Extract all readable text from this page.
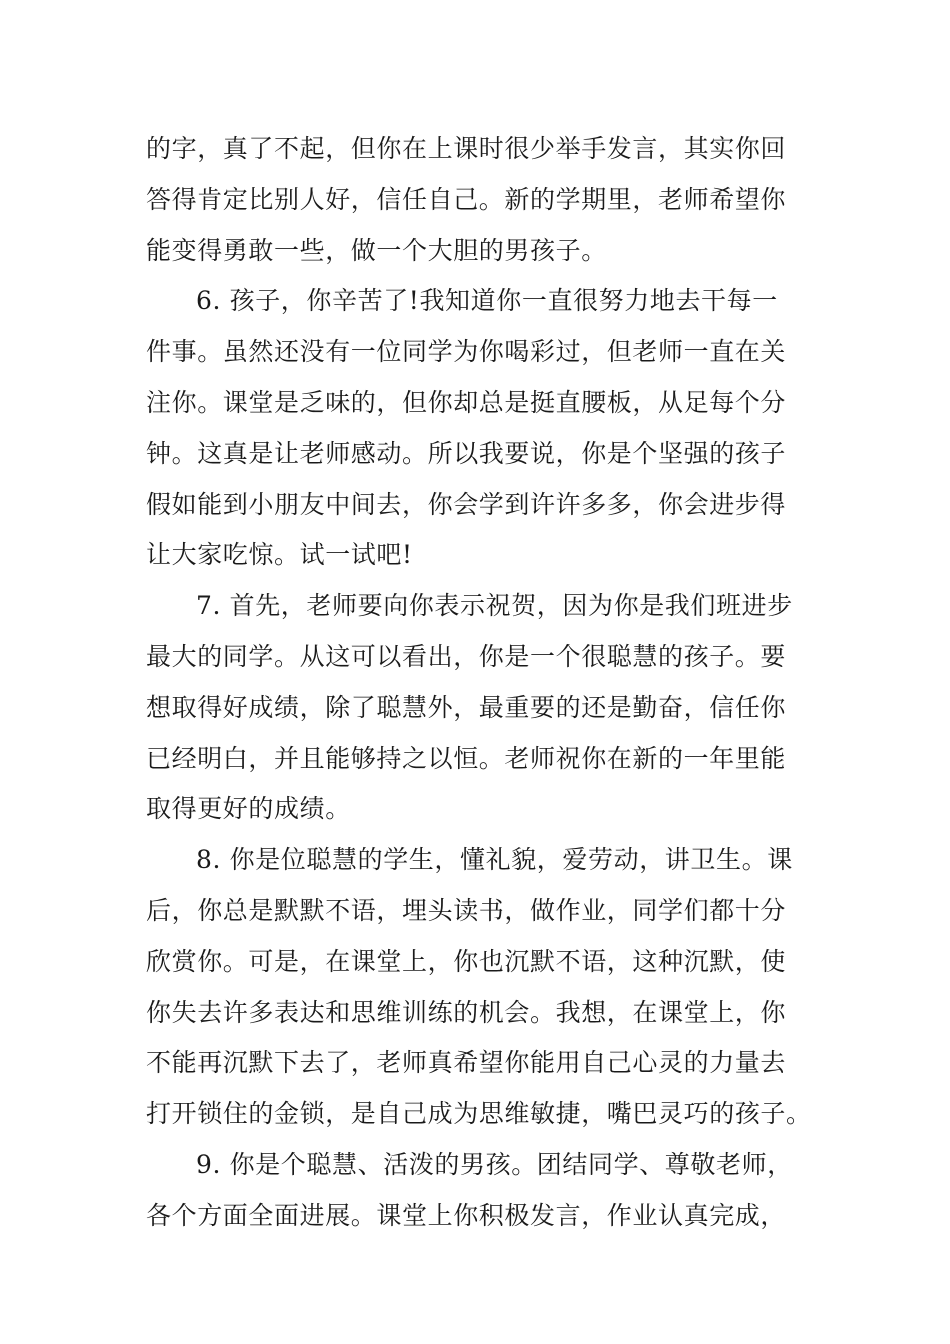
的字，真了不起，但你在上课时很少举手发言，其实你回
答得肯定比别人好，信任自己。新的学期里，老师希望你
能变得勇敢一些，做一个大胆的男孩子。
6. 孩子，你辛苦了!我知道你一直很努力地去干每一
件事。虽然还没有一位同学为你喝彩过，但老师一直在关
注你。课堂是乏味的，但你却总是挺直腰板，从足每个分
钟。这真是让老师感动。所以我要说，你是个坚强的孩子
假如能到小朋友中间去，你会学到许许多多，你会进步得
让大家吃惊。试一试吧!
7. 首先，老师要向你表示祝贺，因为你是我们班进步
最大的同学。从这可以看出，你是一个很聪慧的孩子。要
想取得好成绩，除了聪慧外，最重要的还是勤奋，信任你
已经明白，并且能够持之以恒。老师祝你在新的一年里能
取得更好的成绩。
8. 你是位聪慧的学生，懂礼貌，爱劳动，讲卫生。课
后，你总是默默不语，埋头读书，做作业，同学们都十分
欣赏你。可是，在课堂上，你也沉默不语，这种沉默，使
你失去许多表达和思维训练的机会。我想，在课堂上，你
不能再沉默下去了，老师真希望你能用自己心灵的力量去
打开锁住的金锁，是自己成为思维敏捷，嘴巴灵巧的孩子。
9. 你是个聪慧、活泼的男孩。团结同学、尊敬老师，
各个方面全面进展。课堂上你积极发言，作业认真完成，
